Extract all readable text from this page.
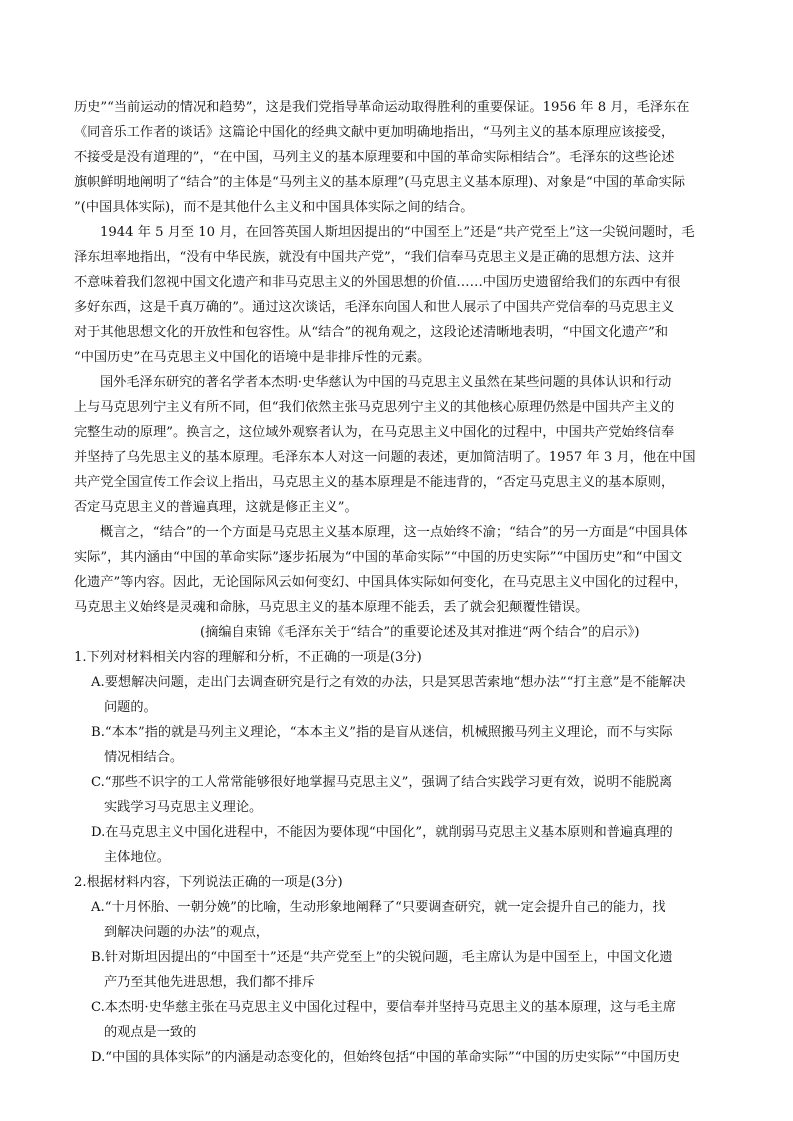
历史”“当前运动的情况和趋势”，这是我们党指导革命运动取得胜利的重要保证。1956 年 8 月，毛泽东在
《同音乐工作者的谈话》这篇论中国化的经典文献中更加明确地指出，“马列主义的基本原理应该接受，
不接受是没有道理的”，“在中国，马列主义的基本原理要和中国的革命实际相结合”。毛泽东的这些论述
旗帜鲜明地阐明了“结合”的主体是“马列主义的基本原理”(马克思主义基本原理)、对象是“中国的革命实际
”(中国具体实际)，而不是其他什么主义和中国具体实际之间的结合。
1944 年 5 月至 10 月，在回答英国人斯坦因提出的“中国至上”还是“共产党至上”这一尖锐问题时，毛
泽东坦率地指出，“没有中华民族，就没有中国共产党”，“我们信奉马克思主义是正确的思想方法、这并
不意味着我们忽视中国文化遗产和非马克思主义的外国思想的价值……中国历史遗留给我们的东西中有很
多好东西，这是千真万确的”。通过这次谈话，毛泽东向国人和世人展示了中国共产党信奉的马克思主义
对于其他思想文化的开放性和包容性。从“结合”的视角观之，这段论述清晰地表明，“中国文化遗产”和
“中国历史”在马克思主义中国化的语境中是非排斥性的元素。
国外毛泽东研究的著名学者本杰明·史华慈认为中国的马克思主义虽然在某些问题的具体认识和行动
上与马克思列宁主义有所不同，但“我们依然主张马克思列宁主义的其他核心原理仍然是中国共产主义的
完整生动的原理”。换言之，这位域外观察者认为，在马克思主义中国化的过程中，中国共产党始终信奉
并坚持了乌先思主义的基本原理。毛泽东本人对这一问题的表述，更加简洁明了。1957 年 3 月，他在中国
共产党全国宣传工作会议上指出，马克思主义的基本原理是不能违背的，“否定马克思主义的基本原则，
否定马克思主义的普遍真理，这就是修正主义”。
概言之，“结合”的一个方面是马克思主义基本原理，这一点始终不渝；“结合”的另一方面是“中国具体
实际”，其内涵由“中国的革命实际”逐步拓展为“中国的革命实际”“中国的历史实际”“中国历史”和“中国文
化遗产”等内容。因此，无论国际风云如何变幻、中国具体实际如何变化，在马克思主义中国化的过程中，
马克思主义始终是灵魂和命脉，马克思主义的基本原理不能丢，丢了就会犯颠覆性错误。
(摘编自束锦《毛泽东关于“结合”的重要论述及其对推进“两个结合”的启示》)
1.下列对材料相关内容的理解和分析，不正确的一项是(3分)
A.要想解决问题，走出门去调查研究是行之有效的办法，只是冥思苦索地“想办法”“打主意”是不能解决
问题的。
B.“本本”指的就是马列主义理论，“本本主义”指的是盲从迷信，机械照搬马列主义理论，而不与实际
情况相结合。
C.“那些不识字的工人常常能够很好地掌握马克思主义”，强调了结合实践学习更有效，说明不能脱离
实践学习马克思主义理论。
D.在马克思主义中国化进程中，不能因为要体现“中国化”，就削弱马克思主义基本原则和普遍真理的
主体地位。
2.根据材料内容，下列说法正确的一项是(3分)
A.“十月怀胎、一朝分娩”的比喻，生动形象地阐释了“只要调查研究，就一定会提升自己的能力，找
到解决问题的办法”的观点，
B.针对斯坦因提出的“中国至十”还是“共产党至上”的尖锐问题，毛主席认为是中国至上，中国文化遗
产乃至其他先进思想，我们都不排斥
C.本杰明·史华慈主张在马克思主义中国化过程中，要信奉并坚持马克思主义的基本原理，这与毛主席
的观点是一致的
D.“中国的具体实际”的内涵是动态变化的，但始终包括“中国的革命实际”“中国的历史实际”“中国历史
